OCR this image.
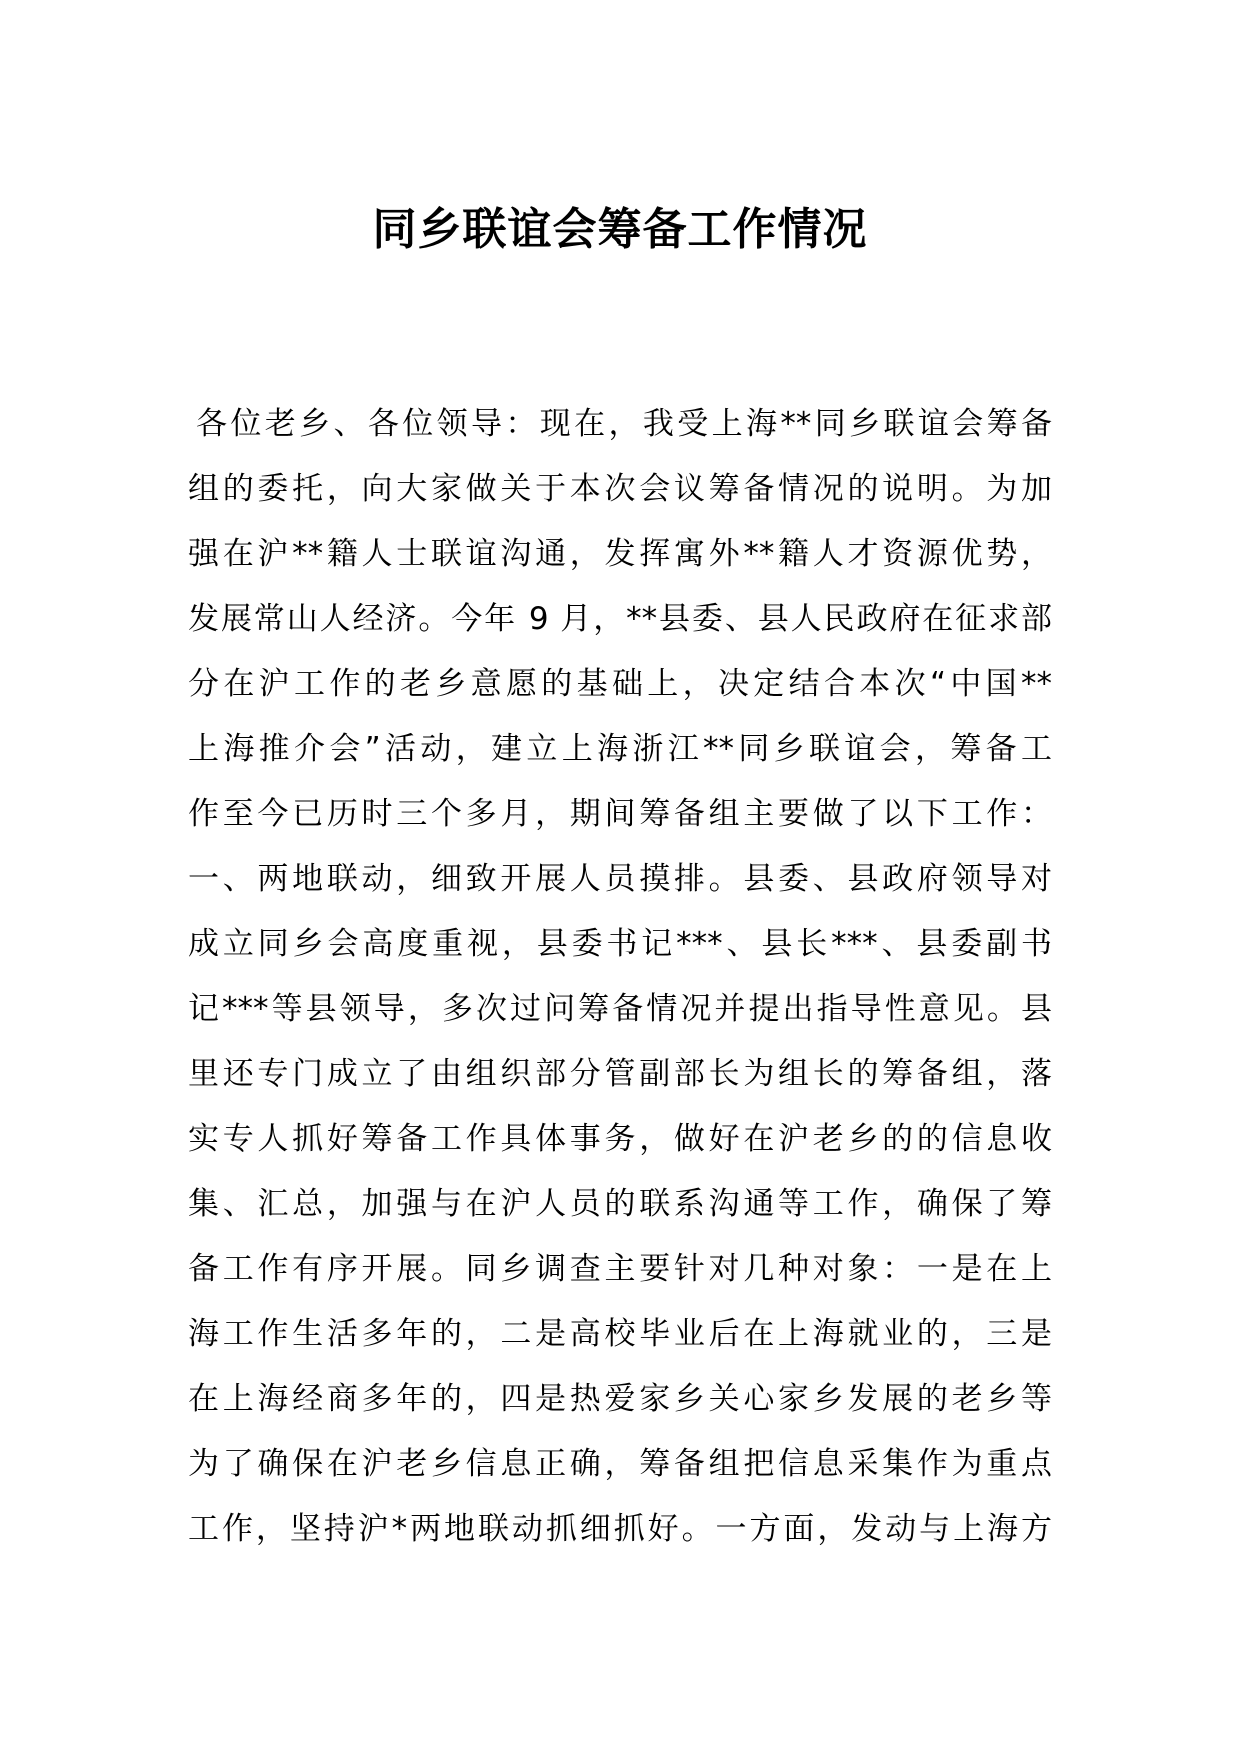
同乡联谊会筹备工作情况
各位老乡、各位领导：现在，我受上海**同乡联谊会筹备
组的委托，向大家做关于本次会议筹备情况的说明。为加
强在沪**籍人士联谊沟通，发挥寓外**籍人才资源优势，
发展常山人经济。今年 9 月，**县委、县人民政府在征求部
分在沪工作的老乡意愿的基础上，决定结合本次“中国**
上海推介会”活动，建立上海浙江**同乡联谊会，筹备工
作至今已历时三个多月，期间筹备组主要做了以下工作：
一、两地联动，细致开展人员摸排。县委、县政府领导对
成立同乡会高度重视，县委书记***、县长***、县委副书
记***等县领导，多次过问筹备情况并提出指导性意见。县
里还专门成立了由组织部分管副部长为组长的筹备组，落
实专人抓好筹备工作具体事务，做好在沪老乡的的信息收
集、汇总，加强与在沪人员的联系沟通等工作，确保了筹
备工作有序开展。同乡调查主要针对几种对象：一是在上
海工作生活多年的，二是高校毕业后在上海就业的，三是
在上海经商多年的，四是热爱家乡关心家乡发展的老乡等
为了确保在沪老乡信息正确，筹备组把信息采集作为重点
工作，坚持沪*两地联动抓细抓好。一方面，发动与上海方
